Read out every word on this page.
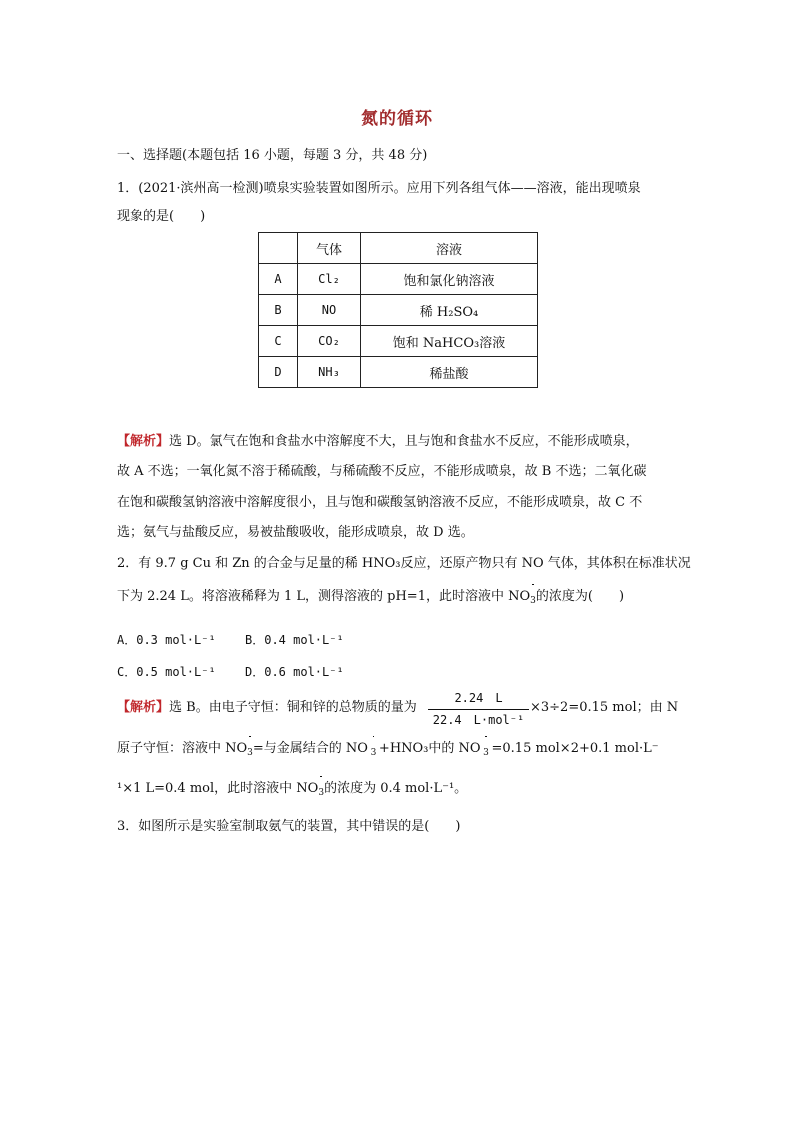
氮的循环
一、选择题(本题包括 16 小题，每题 3 分，共 48 分)
1．(2021·滨州高一检测)喷泉实验装置如图所示。应用下列各组气体——溶液，能出现喷泉
现象的是(　　)
	气体	溶液
A	Cl₂	饱和氯化钠溶液
B	NO	稀 H₂SO₄
C	CO₂	饱和 NaHCO₃溶液
D	NH₃	稀盐酸
【解析】选 D。氯气在饱和食盐水中溶解度不大，且与饱和食盐水不反应，不能形成喷泉，
故 A 不选；一氧化氮不溶于稀硫酸，与稀硫酸不反应，不能形成喷泉，故 B 不选；二氧化碳
在饱和碳酸氢钠溶液中溶解度很小，且与饱和碳酸氢钠溶液不反应，不能形成喷泉，故 C 不
选；氨气与盐酸反应，易被盐酸吸收，能形成喷泉，故 D 选。
2．有 9.7 g Cu 和 Zn 的合金与足量的稀 HNO₃反应，还原产物只有 NO 气体，其体积在标准状况
下为 2.24 L。将溶液稀释为 1 L，测得溶液的 pH=1，此时溶液中 $NO_3$的浓度为(　　)
A．0.3 mol·L⁻¹ B．0.4 mol·L⁻¹
C．0.5 mol·L⁻¹ D．0.6 mol·L⁻¹
【解析】选 B。由电子守恒：铜和锌的总物质的量为
2.24　L
22.4　L·mol⁻¹
×3÷2=0.15 mol；由 N
原子守恒：溶液中 $NO_3=$与金属结合的 NO  $_3$  +HNO₃中的 NO  $_3$  =0.15 mol×2+0.1 mol·L⁻
¹×1 L=0.4 mol，此时溶液中 $NO_3$的浓度为 0.4 mol·L⁻¹。
3．如图所示是实验室制取氨气的装置，其中错误的是(　　)
